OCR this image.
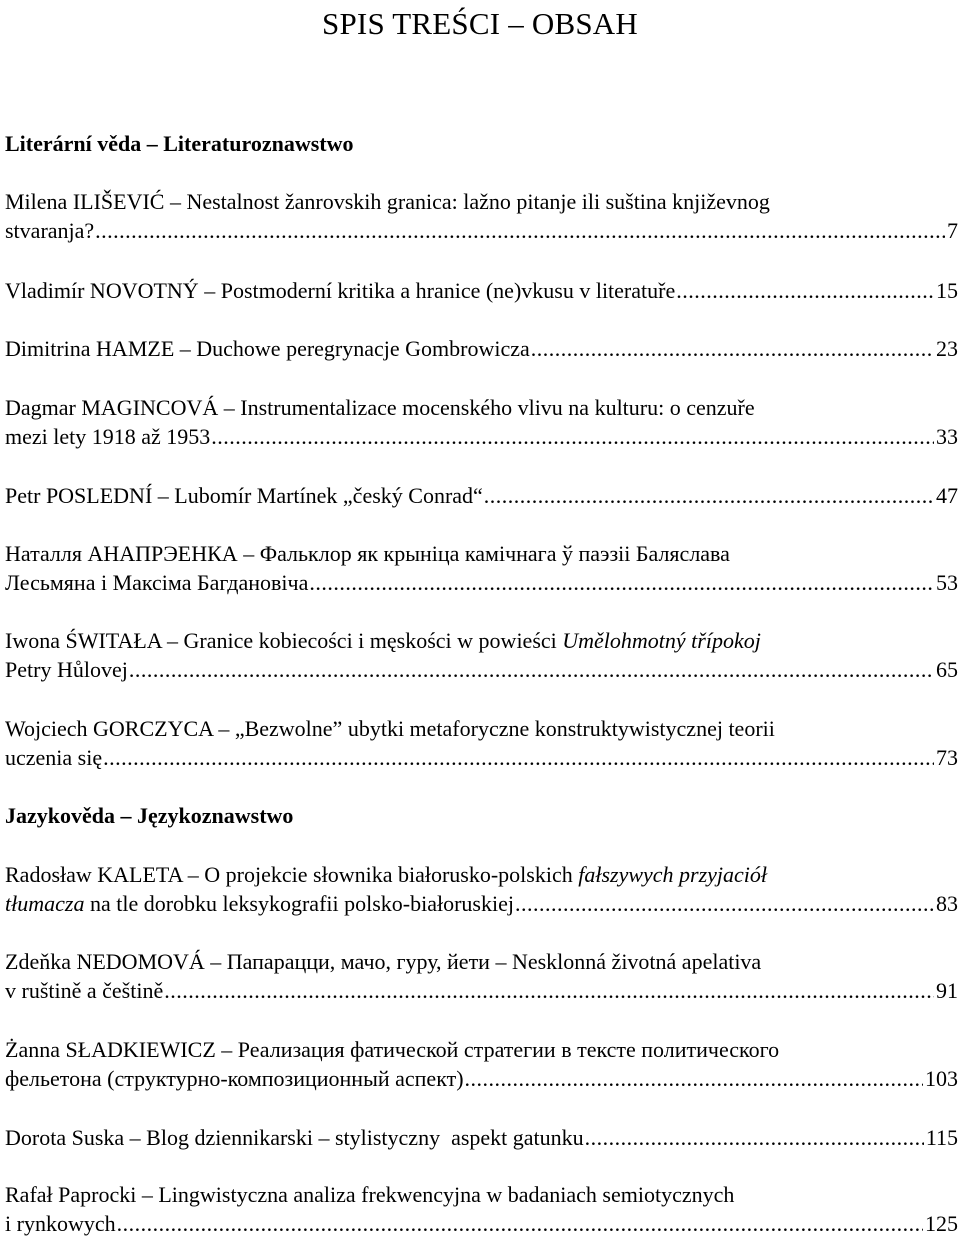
SPIS TREŚCI – OBSAH
Literární věda – Literaturoznawstwo
Milena ILIŠEVIĆ – Nestalnost žanrovskih granica: lažno pitanje ili suština književnog
stvaranja? .....	7
Vladimír NOVOTNÝ – Postmoderní kritika a hranice (ne)vkusu v literatuře .....	15
Dimitrina HAMZE – Duchowe peregrynacje Gombrowicza .....	23
Dagmar MAGINCOVÁ – Instrumentalizace mocenského vlivu na kulturu: o cenzuře
mezi lety 1918 až 1953 .....	33
Petr POSLEDNÍ – Lubomír Martínek „český Conrad“ .....	47
Наталля АНАПРЭЕНКА – Фальклор як крыніца камічнага ў паэзіі Баляслава
Лесьмяна і Максіма Багдановіча .....	53
Iwona ŚWITAŁA – Granice kobiecości i męskości w powieści Umělohmotný třípokoj
Petry Hůlovej .....	65
Wojciech GORCZYCA – „Bezwolne” ubytki metaforyczne konstruktywistycznej teorii
uczenia się .....	73
Jazykověda – Językoznawstwo
Radosław KALETA – O projekcie słownika białorusko-polskich fałszywych przyjaciół
tłumacza na tle dorobku leksykografii polsko-białoruskiej .....	83
Zdeňka NEDOMOVÁ – Папарацци, мачо, гуру, йети – Nesklonná životná apelativa
v ruštině a češtině .....	91
Żanna SŁADKIEWICZ – Реализация фатической стратегии в тексте политического
фельетона (структурно-композиционный аспект) .....	103
Dorota Suska – Blog dziennikarski – stylistyczny  aspekt gatunku .....	115
Rafał Paprocki – Lingwistyczna analiza frekwencyjna w badaniach semiotycznych
i rynkowych .....	125
